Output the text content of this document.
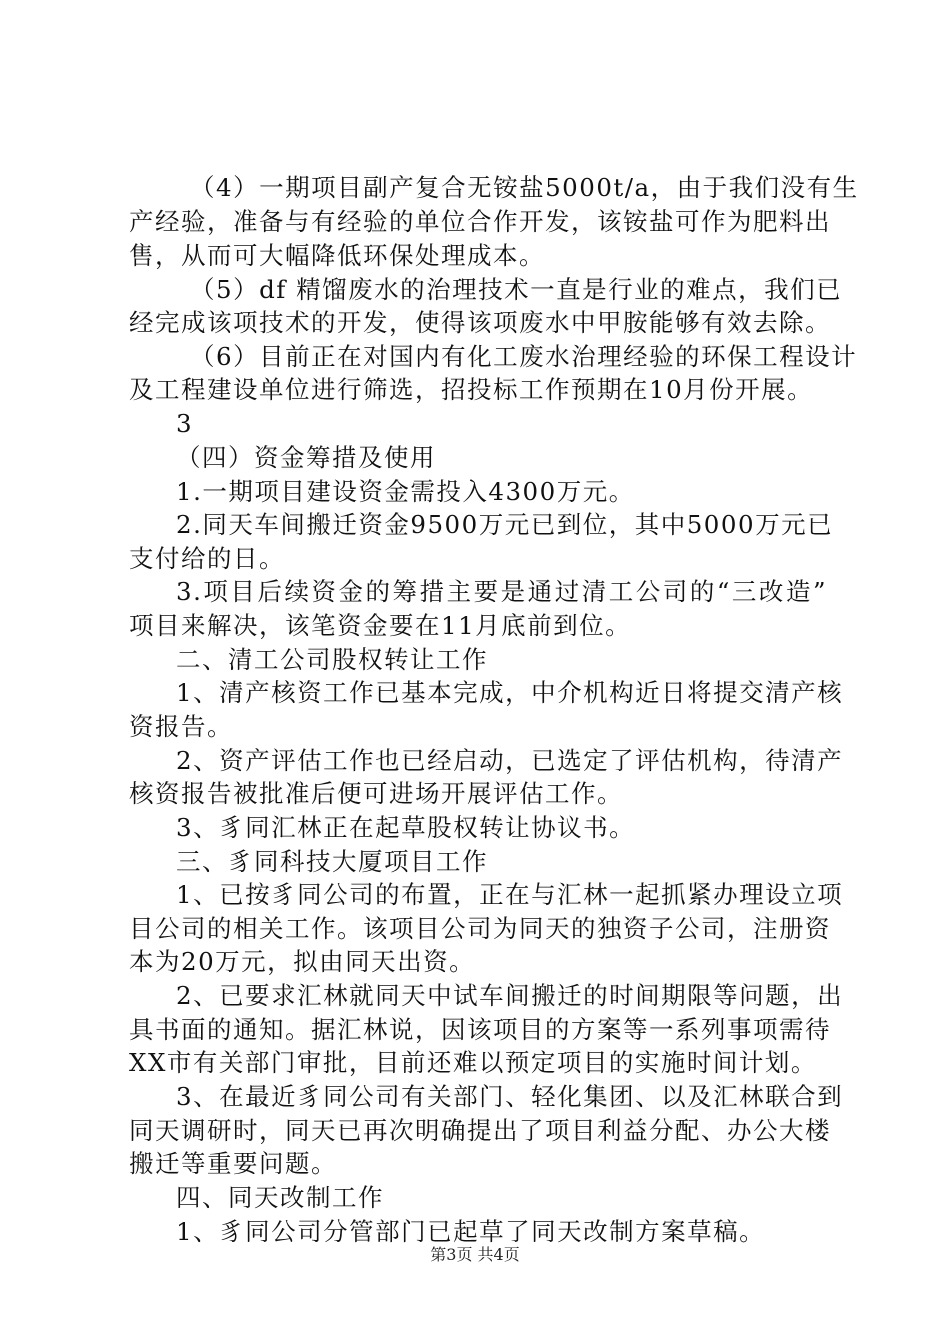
（4）一期项目副产复合无铵盐5000t/a，由于我们没有生
产经验，准备与有经验的单位合作开发，该铵盐可作为肥料出
售，从而可大幅降低环保处理成本。
（5）df 精馏废水的治理技术一直是行业的难点，我们已
经完成该项技术的开发，使得该项废水中甲胺能够有效去除。
（6）目前正在对国内有化工废水治理经验的环保工程设计
及工程建设单位进行筛选，招投标工作预期在10月份开展。
3
（四）资金筹措及使用
1.一期项目建设资金需投入4300万元。
2.同天车间搬迁资金9500万元已到位，其中5000万元已
支付给的日。
3.项目后续资金的筹措主要是通过清工公司的“三改造”
项目来解决，该笔资金要在11月底前到位。
二、清工公司股权转让工作
1、清产核资工作已基本完成，中介机构近日将提交清产核
资报告。
2、资产评估工作也已经启动，已选定了评估机构，待清产
核资报告被批准后便可进场开展评估工作。
3、豸同汇林正在起草股权转让协议书。
三、豸同科技大厦项目工作
1、已按豸同公司的布置，正在与汇林一起抓紧办理设立项
目公司的相关工作。该项目公司为同天的独资子公司，注册资
本为20万元，拟由同天出资。
2、已要求汇林就同天中试车间搬迁的时间期限等问题，出
具书面的通知。据汇林说，因该项目的方案等一系列事项需待
XX市有关部门审批，目前还难以预定项目的实施时间计划。
3、在最近豸同公司有关部门、轻化集团、以及汇林联合到
同天调研时，同天已再次明确提出了项目利益分配、办公大楼
搬迁等重要问题。
四、同天改制工作
1、豸同公司分管部门已起草了同天改制方案草稿。
第3页 共4页
